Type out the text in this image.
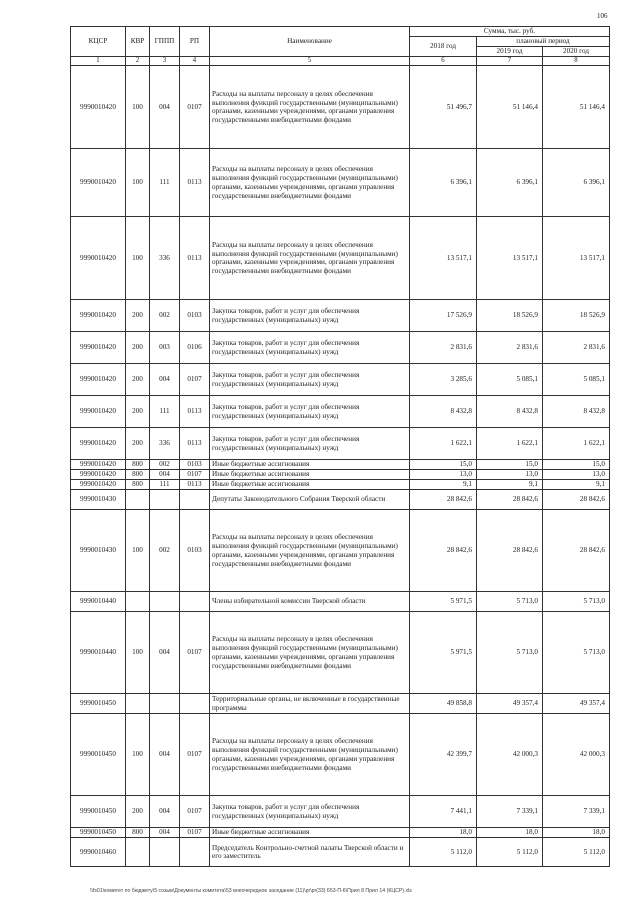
106
КЦСР	КВР	ГППП	РП	Наименование	Сумма, тыс. руб.		
					2018 год	плановый период	
						2019 год	2020 год
1	2	3	4	5	6	7	8
9990010420	100	004	0107	Расходы на выплаты персоналу в целях обеспечения выполнения функций государственными (муниципальными) органами, казенными учреждениями, органами управления государственными внебюджетными фондами	51 496,7	51 146,4	51 146,4
9990010420	100	111	0113	Расходы на выплаты персоналу в целях обеспечения выполнения функций государственными (муниципальными) органами, казенными учреждениями, органами управления государственными внебюджетными фондами	6 396,1	6 396,1	6 396,1
9990010420	100	336	0113	Расходы на выплаты персоналу в целях обеспечения выполнения функций государственными (муниципальными) органами, казенными учреждениями, органами управления государственными внебюджетными фондами	13 517,1	13 517,1	13 517,1
9990010420	200	002	0103	Закупка товаров, работ и услуг для обеспечения государственных (муниципальных) нужд	17 526,9	18 526,9	18 526,9
9990010420	200	003	0106	Закупка товаров, работ и услуг для обеспечения государственных (муниципальных) нужд	2 831,6	2 831,6	2 831,6
9990010420	200	004	0107	Закупка товаров, работ и услуг для обеспечения государственных (муниципальных) нужд	3 285,6	5 085,1	5 085,1
9990010420	200	111	0113	Закупка товаров, работ и услуг для обеспечения государственных (муниципальных) нужд	8 432,8	8 432,8	8 432,8
9990010420	200	336	0113	Закупка товаров, работ и услуг для обеспечения государственных (муниципальных) нужд	1 622,1	1 622,1	1 622,1
9990010420	800	002	0103	Иные бюджетные ассигнования	15,0	15,0	15,0
9990010420	800	004	0107	Иные бюджетные ассигнования	13,0	13,0	13,0
9990010420	800	111	0113	Иные бюджетные ассигнования	9,1	9,1	9,1
9990010430				Депутаты Законодательного Собрания Тверской области	28 842,6	28 842,6	28 842,6
9990010430	100	002	0103	Расходы на выплаты персоналу в целях обеспечения выполнения функций государственными (муниципальными) органами, казенными учреждениями, органами управления государственными внебюджетными фондами	28 842,6	28 842,6	28 842,6
9990010440				Члены избирательной комиссии Тверской области	5 971,5	5 713,0	5 713,0
9990010440	100	004	0107	Расходы на выплаты персоналу в целях обеспечения выполнения функций государственными (муниципальными) органами, казенными учреждениями, органами управления государственными внебюджетными фондами	5 971,5	5 713,0	5 713,0
9990010450				Территориальные органы, не включенные в государственные программы	49 858,8	49 357,4	49 357,4
9990010450	100	004	0107	Расходы на выплаты персоналу в целях обеспечения выполнения функций государственными (муниципальными) органами, казенными учреждениями, органами управления государственными внебюджетными фондами	42 399,7	42 000,3	42 000,3
9990010450	200	004	0107	Закупка товаров, работ и услуг для обеспечения государственных (муниципальных) нужд	7 441,1	7 339,1	7 339,1
9990010450	800	004	0107	Иные бюджетные ассигнования	18,0	18,0	18,0
9990010460				Председатель Контрольно-счетной палаты Тверской области и его заместитель	5 112,0	5 112,0	5 112,0
\\fs01\комитет по бюджету\5 созыв\Документы комитета\53 внеочередное заседание (11)\pr\pr(33) 653-П-6\Прил 8 Прил 14 (КЦСР).xls
